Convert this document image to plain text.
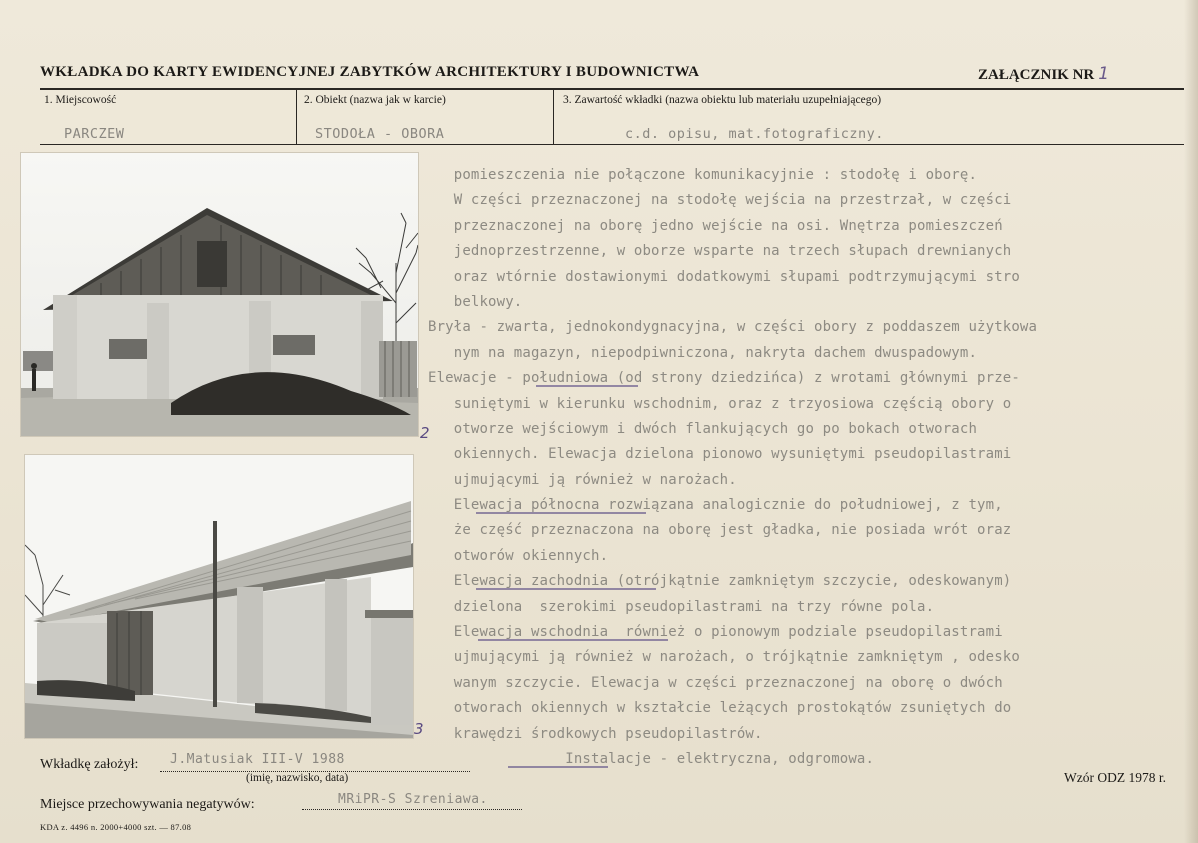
WKŁADKA DO KARTY EWIDENCYJNEJ ZABYTKÓW ARCHITEKTURY I BUDOWNICTWA	ZAŁĄCZNIK NR 1
1. Miejscowość	2. Obiekt (nazwa jak w karcie)	3. Zawartość wkładki (nazwa obiektu lub materiału uzupełniającego)
PARCZEW	STODOŁA - OBORA	c.d. opisu, mat.fotograficzny.
2
3
pomieszczenia nie połączone komunikacyjnie : stodołę i oborę.
W części przeznaczonej na stodołę wejścia na przestrzał, w części
przeznaczonej na oborę jedno wejście na osi. Wnętrza pomieszczeń
jednoprzestrzenne, w oborze wsparte na trzech słupach drewnianych
oraz wtórnie dostawionymi dodatkowymi słupami podtrzymującymi stro
belkowy.
Bryła - zwarta, jednokondygnacyjna, w części obory z poddaszem użytkowa
nym na magazyn, niepodpiwniczona, nakryta dachem dwuspadowym.
Elewacje - południowa (od strony dziedzińca) z wrotami głównymi prze-
suniętymi w kierunku wschodnim, oraz z trzyosiowa częścią obory o
otworze wejściowym i dwóch flankujących go po bokach otworach
okiennych. Elewacja dzielona pionowo wysuniętymi pseudopilastrami
ujmującymi ją również w narożach.
Elewacja północna rozwiązana analogicznie do południowej, z tym,
że część przeznaczona na oborę jest gładka, nie posiada wrót oraz
otworów okiennych.
Elewacja zachodnia (otrójkątnie zamkniętym szczycie, odeskowanym)
dzielona  szerokimi pseudopilastrami na trzy równe pola.
Elewacja wschodnia  również o pionowym podziale pseudopilastrami
ujmującymi ją również w narożach, o trójkątnie zamkniętym , odesko
wanym szczycie. Elewacja w części przeznaczonej na oborę o dwóch
otworach okiennych w kształcie leżących prostokątów zsuniętych do
krawędzi środkowych pseudopilastrów.
Instalacje - elektryczna, odgromowa.
Wkładkę założył: J.Matusiak III-V 1988
(imię, nazwisko, data)
Miejsce przechowywania negatywów:	MRiPR-S Szreniawa.
Wzór ODZ 1978 r.
KDA z. 4496 n. 2000+4000 szt. — 87.08
